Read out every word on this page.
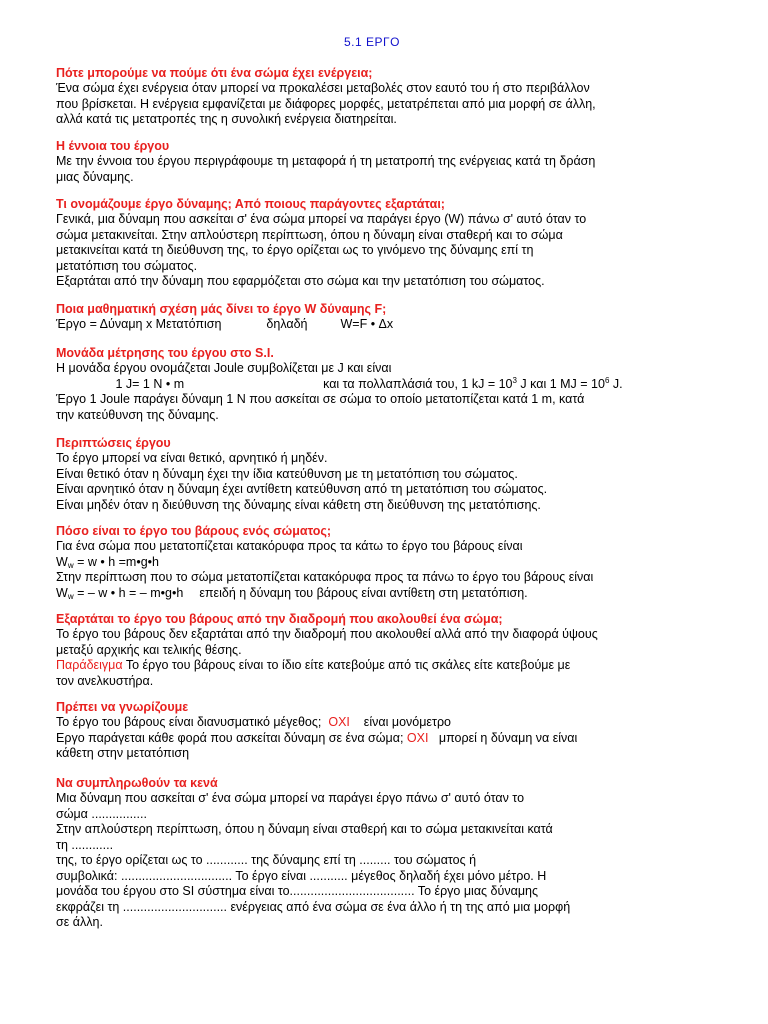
5.1 ΕΡΓΟ

Πότε μπορούμε να πούμε ότι ένα σώμα έχει ενέργεια;

Ένα σώμα έχει ενέργεια όταν μπορεί να προκαλέσει μεταβολές στον εαυτό του ή στο περιβάλλον

που βρίσκεται. Η ενέργεια εμφανίζεται με διάφορες μορφές, μετατρέπεται από μια μορφή σε άλλη,

αλλά κατά τις μετατροπές της η συνολική ενέργεια διατηρείται.

Η έννοια του έργου

Με την έννοια του έργου περιγράφουμε τη μεταφορά ή τη μετατροπή της ενέργειας κατά τη δράση

μιας δύναμης.

Τι ονομάζουμε έργο δύναμης; Από ποιους παράγοντες εξαρτάται;

Γενικά, μια δύναμη που ασκείται σ' ένα σώμα μπορεί να παράγει έργο (W) πάνω σ' αυτό όταν το

σώμα μετακινείται. Στην απλούστερη περίπτωση, όπου η δύναμη είναι σταθερή και το σώμα

μετακινείται κατά τη διεύθυνση της, το έργο ορίζεται ως το γινόμενο της δύναμης επί τη

μετατόπιση του σώματος.

Εξαρτάται από την δύναμη που εφαρμόζεται στο σώμα και την μετατόπιση του σώματος.

Ποια μαθηματική σχέση μάς δίνει το έργο W δύναμης F;

Έργο = Δύναμη x Μετατόπιση	δηλαδή	W=F • Δx

Μονάδα μέτρησης του έργου στο S.I.

Η μονάδα έργου ονομάζεται Joule συμβολίζεται με J και είναι

1 J= 1 N • m	και τα πολλαπλάσιά του, 1 kJ = $10^3$ J και 1 MJ = $10^6$ J.

Έργο 1 Joule παράγει δύναμη 1 N που ασκείται σε σώμα το οποίο μετατοπίζεται κατά 1 m, κατά

την κατεύθυνση της δύναμης.

Περιπτώσεις έργου

Το έργο μπορεί να είναι θετικό, αρνητικό ή μηδέν.

Είναι θετικό όταν η δύναμη έχει την ίδια κατεύθυνση με τη μετατόπιση του σώματος.

Είναι αρνητικό όταν η δύναμη έχει αντίθετη κατεύθυνση από τη μετατόπιση του σώματος.

Είναι μηδέν όταν η διεύθυνση της δύναμης είναι κάθετη στη διεύθυνση της μετατόπισης.

Πόσο είναι το έργο του βάρους ενός σώματος;

Για ένα σώμα που μετατοπίζεται κατακόρυφα προς τα κάτω το έργο του βάρους είναι

$W_w = w$ • h =m•g•h

Στην περίπτωση που το σώμα μετατοπίζεται κατακόρυφα προς τα πάνω το έργο του βάρους είναι

$W_w$ = – w • h = – m•g•h επειδή η δύναμη του βάρους είναι αντίθετη στη μετατόπιση.

Εξαρτάται το έργο του βάρους από την διαδρομή που ακολουθεί ένα σώμα;

Το έργο του βάρους δεν εξαρτάται από την διαδρομή που ακολουθεί αλλά από την διαφορά ύψους

μεταξύ αρχικής και τελικής θέσης.

Παράδειγμα Το έργο του βάρους είναι το ίδιο είτε κατεβούμε από τις σκάλες είτε κατεβούμε με

τον ανελκυστήρα.

Πρέπει να γνωρίζουμε

Το έργο του βάρους είναι διανυσματικό μέγεθος; ΟΧΙ είναι μονόμετρο

Εργο παράγεται κάθε φορά που ασκείται δύναμη σε ένα σώμα; ΟΧΙ μπορεί η δύναμη να είναι

κάθετη στην μετατόπιση

Να συμπληρωθούν τα κενά

Μια δύναμη που ασκείται σ' ένα σώμα μπορεί να παράγει έργο πάνω σ' αυτό όταν το

σώμα ................

Στην απλούστερη περίπτωση, όπου η δύναμη είναι σταθερή και το σώμα μετακινείται κατά

τη ............

της, το έργο ορίζεται ως το ............ της δύναμης επί τη ......... του σώματος ή

συμβολικά: ................................ Το έργο είναι ........... μέγεθος δηλαδή έχει μόνο μέτρο. Η

μονάδα του έργου στο SI σύστημα είναι το.................................... Το έργο μιας δύναμης

εκφράζει τη .............................. ενέργειας από ένα σώμα σε ένα άλλο ή τη της από μια μορφή

σε άλλη.
